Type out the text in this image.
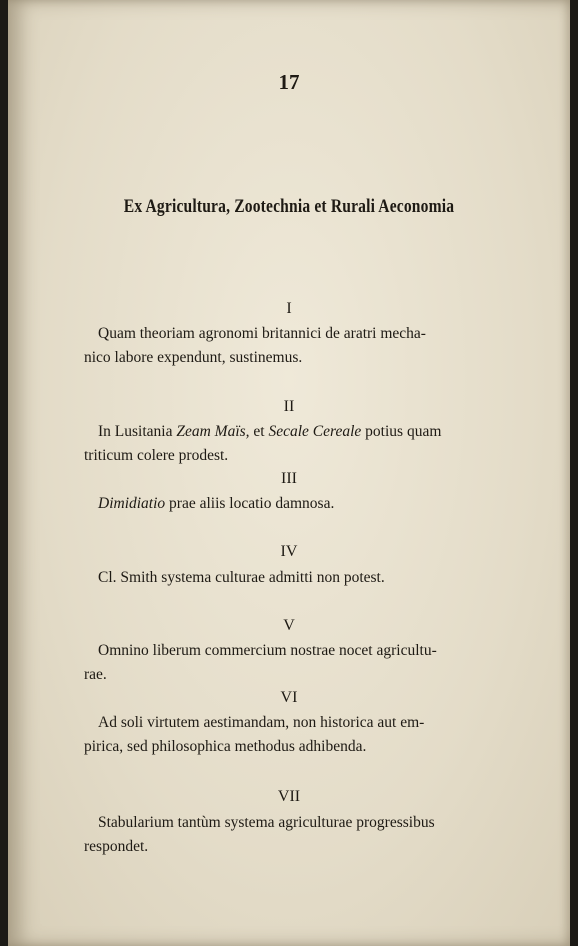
17
Ex Agricultura, Zootechnia et Rurali Aeconomia
I
Quam theoriam agronomi britannici de aratri mecha-
nico labore expendunt, sustinemus.
II
In Lusitania Zeam Maïs, et Secale Cereale potius quam
triticum colere prodest.
III
Dimidiatio prae aliis locatio damnosa.
IV
Cl. Smith systema culturae admitti non potest.
V
Omnino liberum commercium nostrae nocet agricultu-
rae.
VI
Ad soli virtutem aestimandam, non historica aut em-
pirica, sed philosophica methodus adhibenda.
VII
Stabularium tantùm systema agriculturae progressibus
respondet.
